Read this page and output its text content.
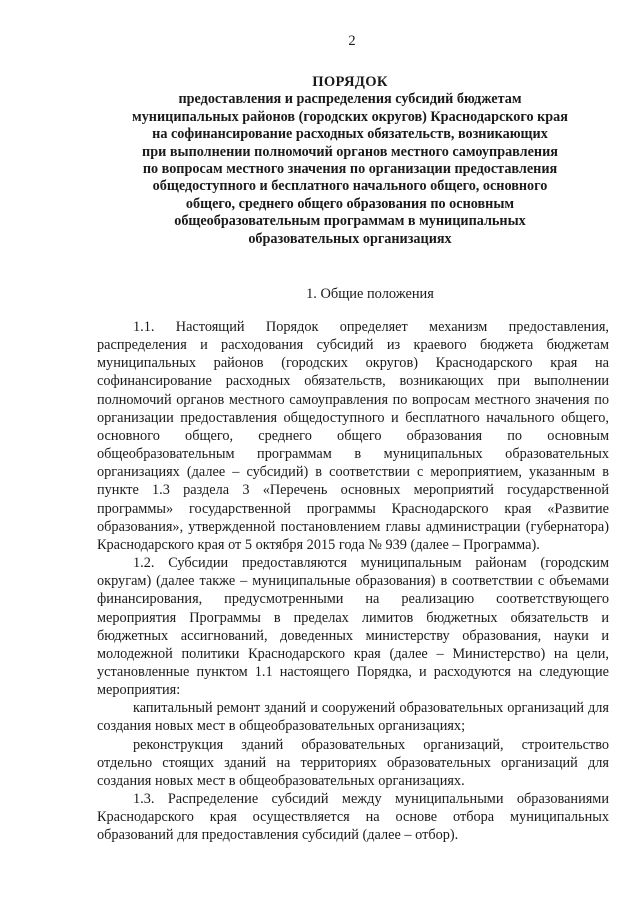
2
ПОРЯДОК
предоставления и распределения субсидий бюджетам
муниципальных районов (городских округов) Краснодарского края
на софинансирование расходных обязательств, возникающих
при выполнении полномочий органов местного самоуправления
по вопросам местного значения по организации предоставления
общедоступного и бесплатного начального общего, основного
общего, среднего общего образования по основным
общеобразовательным программам в муниципальных
образовательных организациях
1. Общие положения

1.1. Настоящий Порядок определяет механизм предоставления, распределения и расходования субсидий из краевого бюджета бюджетам муниципальных районов (городских округов) Краснодарского края на софинансирование расходных обязательств, возникающих при выполнении полномочий органов местного самоуправления по вопросам местного значения по организации предоставления общедоступного и бесплатного начального общего, основного общего, среднего общего образования по основным общеобразовательным программам в муниципальных образовательных организациях (далее – субсидий) в соответствии с мероприятием, указанным в пункте 1.3 раздела 3 «Перечень основных мероприятий государственной программы» государственной программы Краснодарского края «Развитие образования», утвержденной постановлением главы администрации (губернатора) Краснодарского края от 5 октября 2015 года № 939 (далее – Программа).

1.2. Субсидии предоставляются муниципальным районам (городским округам) (далее также – муниципальные образования) в соответствии с объемами финансирования, предусмотренными на реализацию соответствующего мероприятия Программы в пределах лимитов бюджетных обязательств и бюджетных ассигнований, доведенных министерству образования, науки и молодежной политики Краснодарского края (далее – Министерство) на цели, установленные пунктом 1.1 настоящего Порядка, и расходуются на следующие мероприятия:

капитальный ремонт зданий и сооружений образовательных организаций для создания новых мест в общеобразовательных организациях;

реконструкция зданий образовательных организаций, строительство отдельно стоящих зданий на территориях образовательных организаций для создания новых мест в общеобразовательных организациях.

1.3. Распределение субсидий между муниципальными образованиями Краснодарского края осуществляется на основе отбора муниципальных образований для предоставления субсидий (далее – отбор).
